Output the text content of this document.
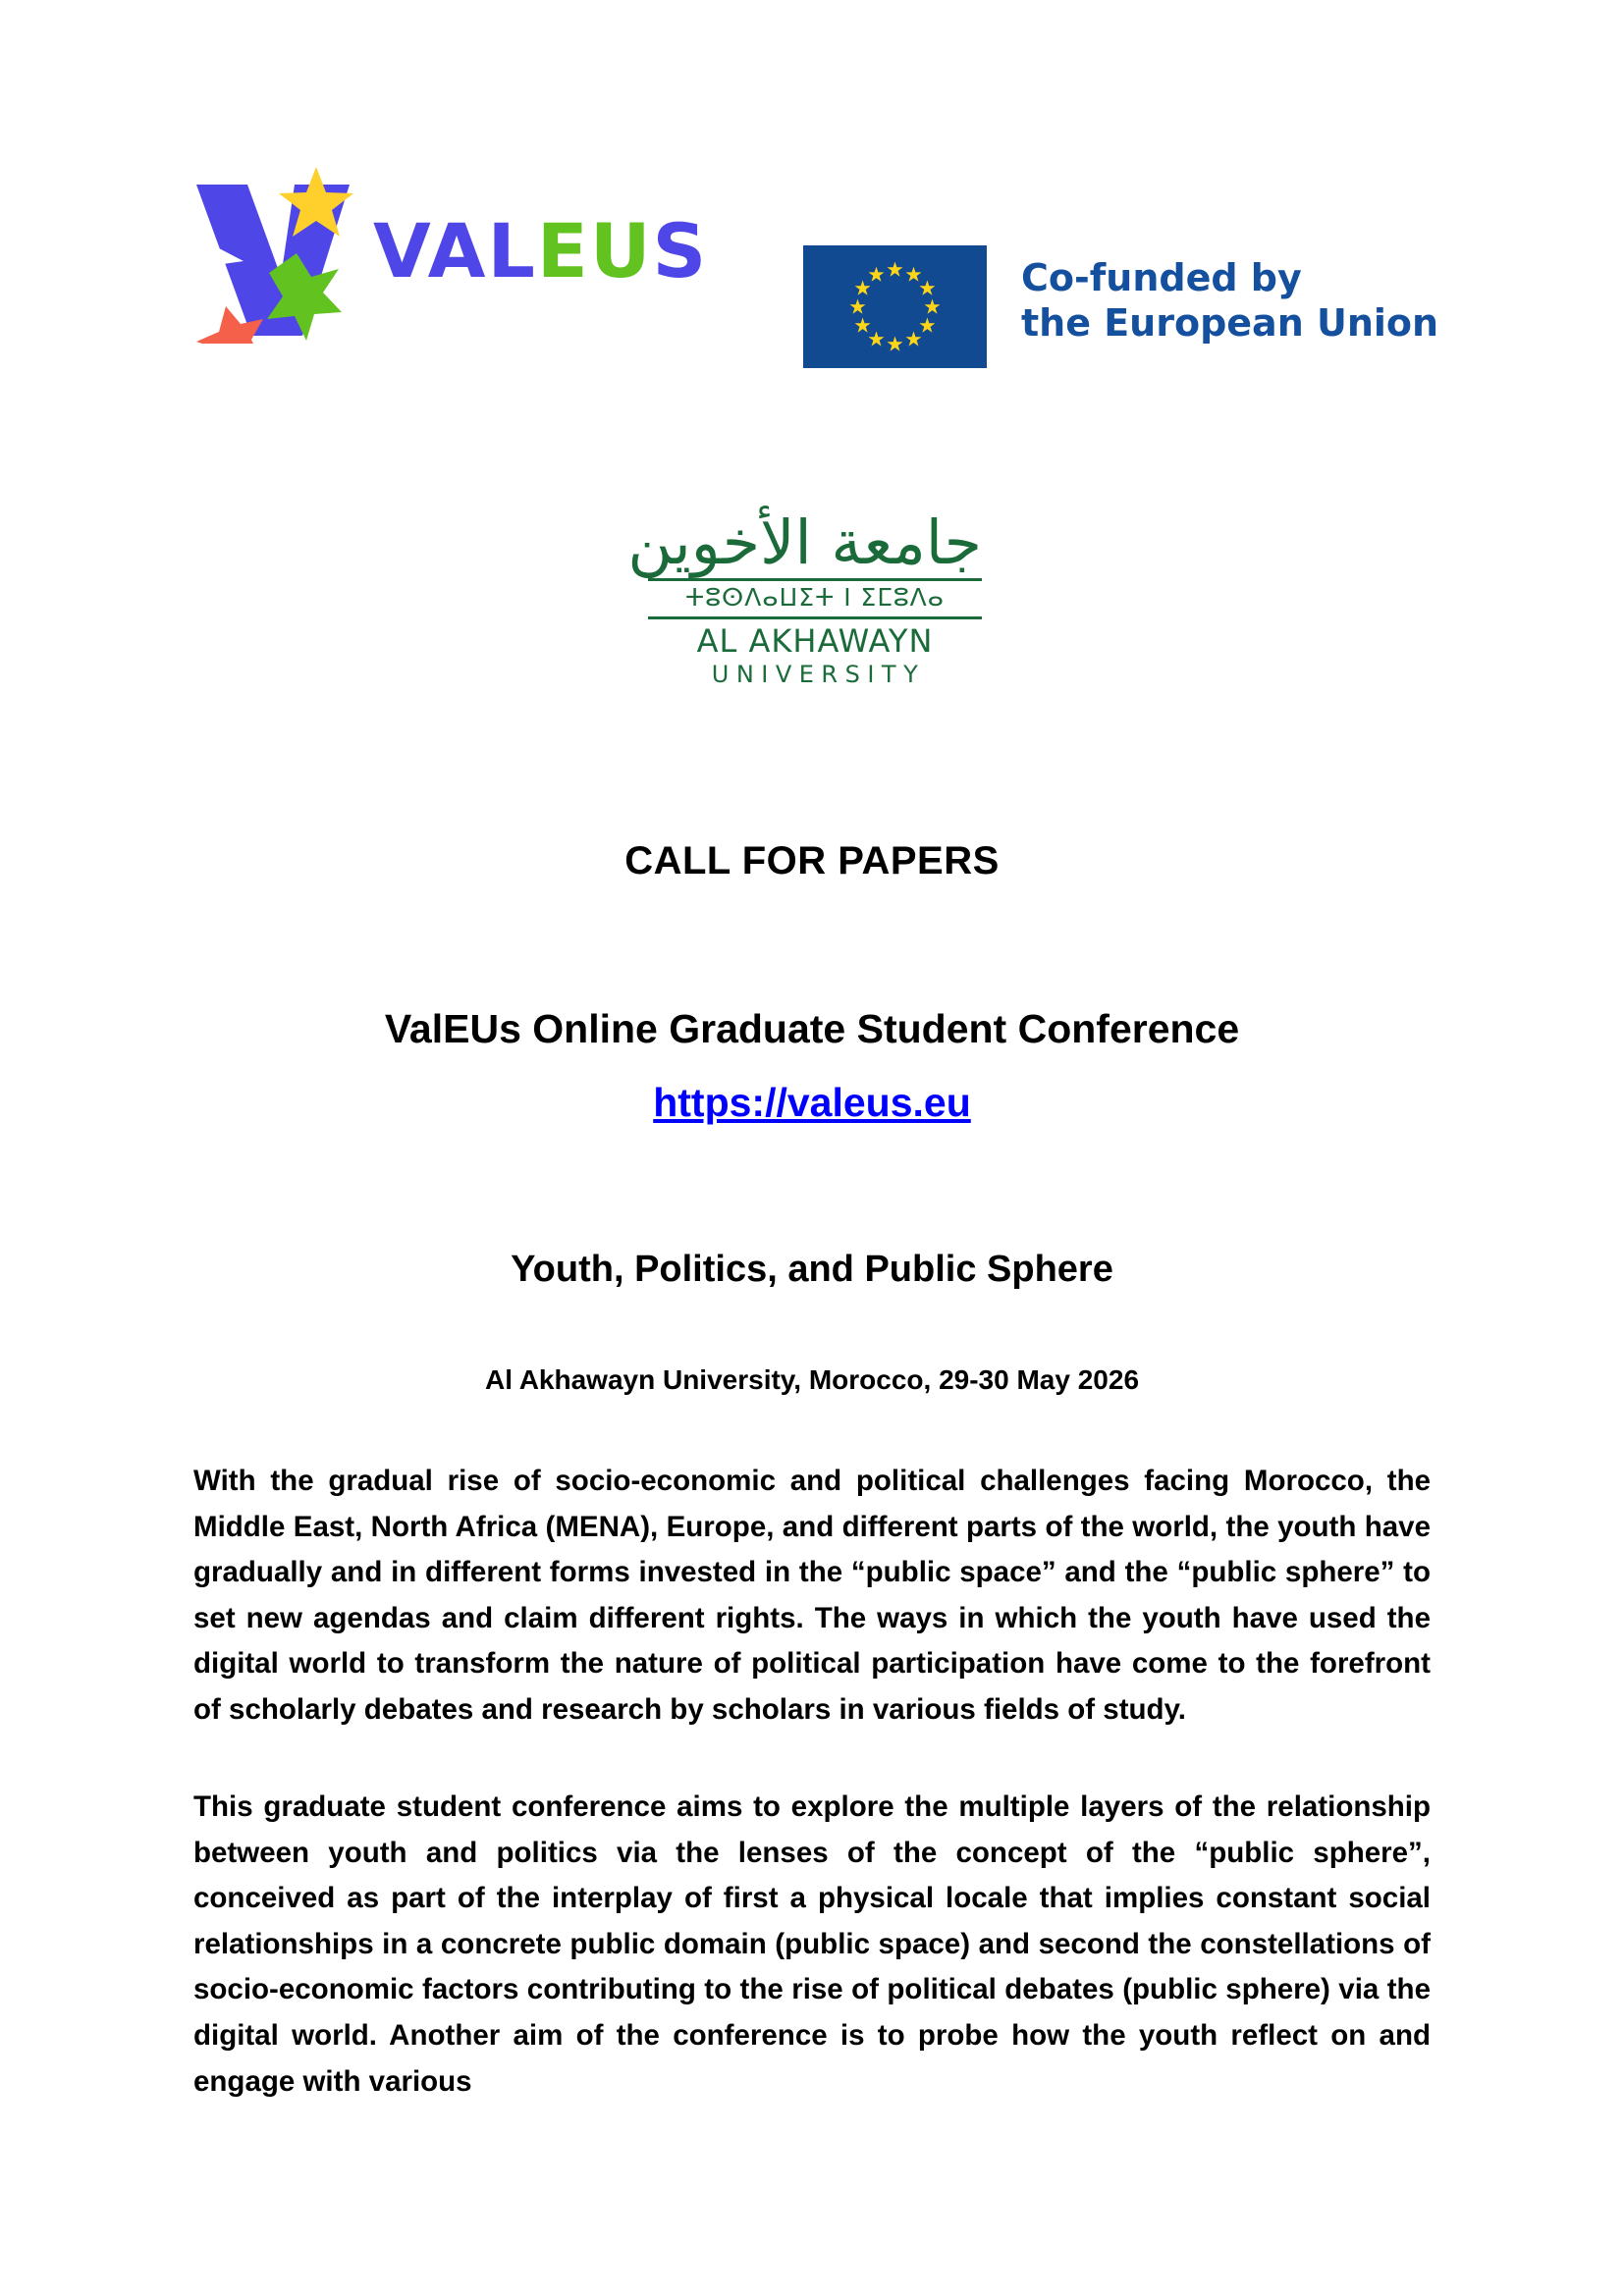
VALEUS	Co-funded by
the European Union
جامعة الأخوين
ⵜⵓⵙⴷⴰⵡⵉⵜ ⵏ ⵉⵎⵓⴷⴰ
AL AKHAWAYN
UNIVERSITY
CALL FOR PAPERS
ValEUs Online Graduate Student Conference
https://valeus.eu
Youth, Politics, and Public Sphere
Al Akhawayn University, Morocco, 29-30 May 2026
With the gradual rise of socio-economic and political challenges facing Morocco, the Middle East, North Africa (MENA), Europe, and different parts of the world, the youth have gradually and in different forms invested in the “public space” and the “public sphere” to set new agendas and claim different rights. The ways in which the youth have used the digital world to transform the nature of political participation have come to the forefront of scholarly debates and research by scholars in various fields of study.
This graduate student conference aims to explore the multiple layers of the relationship between youth and politics via the lenses of the concept of the “public sphere”, conceived as part of the interplay of first a physical locale that implies constant social relationships in a concrete public domain (public space) and second the constellations of socio-economic factors contributing to the rise of political debates (public sphere) via the digital world. Another aim of the conference is to probe how the youth reflect on and engage with various
